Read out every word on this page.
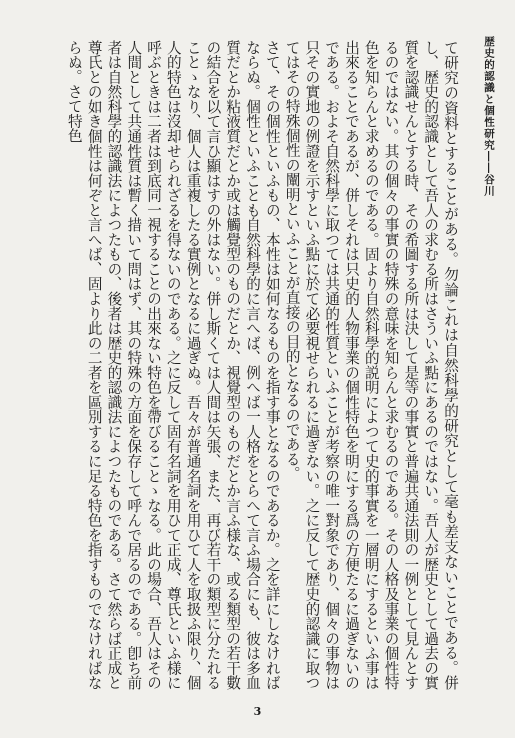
歴史的認識と個性研究――谷川

て研究の資料とすることがある。勿論これは自然科學的研究として毫も差支ないことである。併し、歴史的認識として吾人の求むる所はさういふ點にあるのではない。吾人が歴史として過去の實質を認識せんとする時、その希圖する所は決して是等の事實と普遍共通法則の一例として見んとするのではない。其の個々の事實の特殊の意味を知らんと求むるのである。その人格及事業の個性特色を知らんと求めるのである。固より自然科學的説明によつて史的事實を一層明にするといふ事は出來ることであるが、併しそれは只史的人物事業の個性特色を明にする爲の方便たるに過ぎないのである。およそ自然科學に取つては共通的性質といふことが考察の唯一對象であり、個々の事物は只その實地の例證を示すといふ點に於て必要視せられるに過ぎない。之に反して歴史的認識に取つてはその特殊個性の闡明といふことが直接の目的となるのである。

さて、その個性といふもの、本性は如何なるものを指す事となるのであるか。之を詳にしなければならぬ。個性といふことも自然科學的に言へば、例へば一人格をとらへて言ふ場合にも、彼は多血質だとか粘液質だとか或は觸覺型のものだとか、視覺型のものだとか言ふ様な、或る類型の若干數の結合を以て言ひ顯はすの外はない。併し斯くては人間は矢張、また、再び若干の類型に分たれることゝなり、個人は重複したる實例となるに過ぎぬ。吾々が普通名詞を用ひて人を取扱ふ限り、個人的特色は沒却せられざるを得ないのである。之に反して固有名詞を用ひて正成、尊氏といふ様に呼ぶときは二者は到底同一視することの出來ない特色を帶びることゝなる。此の場合、吾人はその人間として共通性質は暫く措いて問はず、其の特殊の方面を保存して呼んで居るのである。卽ち前者は自然科學的認識法によつたもの、後者は歴史的認識法によつたものである。さて然らば正成と尊氏との如き個性は何ぞと言へば、固より此の二者を區別するに足る特色を指すものでなければならぬ。さて特色

3
